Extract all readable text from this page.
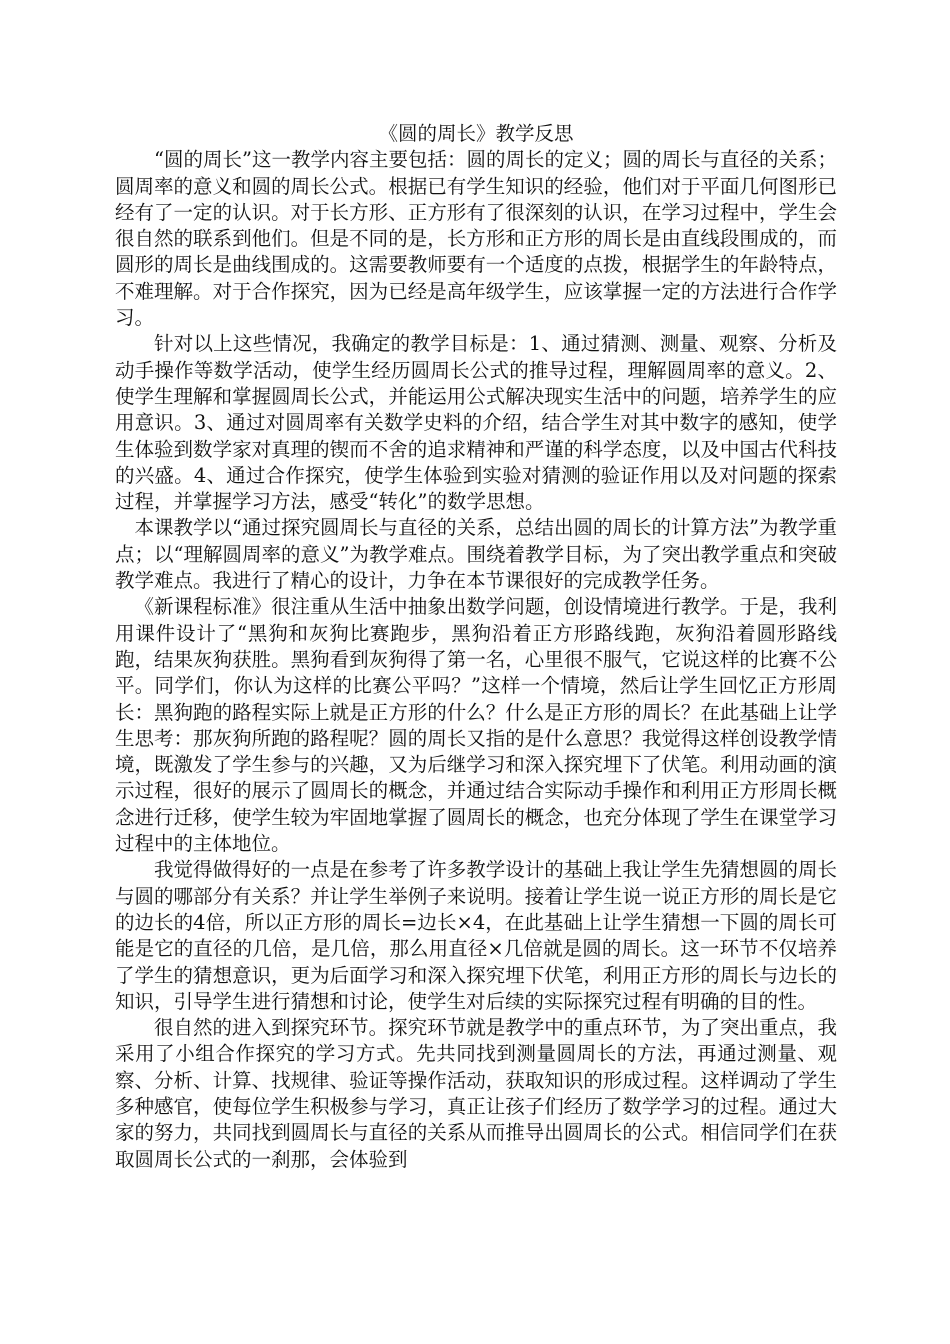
《圆的周长》教学反思

“圆的周长”这一教学内容主要包括：圆的周长的定义；圆的周长与直径的关系；圆周率的意义和圆的周长公式。根据已有学生知识的经验，他们对于平面几何图形已经有了一定的认识。对于长方形、正方形有了很深刻的认识，在学习过程中，学生会很自然的联系到他们。但是不同的是，长方形和正方形的周长是由直线段围成的，而圆形的周长是曲线围成的。这需要教师要有一个适度的点拨，根据学生的年龄特点，不难理解。对于合作探究，因为已经是高年级学生，应该掌握一定的方法进行合作学习。

针对以上这些情况，我确定的教学目标是：1、通过猜测、测量、观察、分析及动手操作等数学活动，使学生经历圆周长公式的推导过程，理解圆周率的意义。2、使学生理解和掌握圆周长公式，并能运用公式解决现实生活中的问题，培养学生的应用意识。3、通过对圆周率有关数学史料的介绍，结合学生对其中数字的感知，使学生体验到数学家对真理的锲而不舍的追求精神和严谨的科学态度，以及中国古代科技的兴盛。4、通过合作探究，使学生体验到实验对猜测的验证作用以及对问题的探索过程，并掌握学习方法，感受“转化”的数学思想。

本课教学以“通过探究圆周长与直径的关系，总结出圆的周长的计算方法”为教学重点；以“理解圆周率的意义”为教学难点。围绕着教学目标，为了突出教学重点和突破教学难点。我进行了精心的设计，力争在本节课很好的完成教学任务。

《新课程标准》很注重从生活中抽象出数学问题，创设情境进行教学。于是，我利用课件设计了“黑狗和灰狗比赛跑步，黑狗沿着正方形路线跑，灰狗沿着圆形路线跑，结果灰狗获胜。黑狗看到灰狗得了第一名，心里很不服气，它说这样的比赛不公平。同学们，你认为这样的比赛公平吗？”这样一个情境，然后让学生回忆正方形周长：黑狗跑的路程实际上就是正方形的什么？什么是正方形的周长？在此基础上让学生思考：那灰狗所跑的路程呢？圆的周长又指的是什么意思？我觉得这样创设教学情境，既激发了学生参与的兴趣，又为后继学习和深入探究埋下了伏笔。利用动画的演示过程，很好的展示了圆周长的概念，并通过结合实际动手操作和利用正方形周长概念进行迁移，使学生较为牢固地掌握了圆周长的概念，也充分体现了学生在课堂学习过程中的主体地位。

我觉得做得好的一点是在参考了许多教学设计的基础上我让学生先猜想圆的周长与圆的哪部分有关系？并让学生举例子来说明。接着让学生说一说正方形的周长是它的边长的4倍，所以正方形的周长=边长×4，在此基础上让学生猜想一下圆的周长可能是它的直径的几倍，是几倍，那么用直径×几倍就是圆的周长。这一环节不仅培养了学生的猜想意识，更为后面学习和深入探究埋下伏笔，利用正方形的周长与边长的知识，引导学生进行猜想和讨论，使学生对后续的实际探究过程有明确的目的性。

很自然的进入到探究环节。探究环节就是教学中的重点环节，为了突出重点，我采用了小组合作探究的学习方式。先共同找到测量圆周长的方法，再通过测量、观察、分析、计算、找规律、验证等操作活动，获取知识的形成过程。这样调动了学生多种感官，使每位学生积极参与学习，真正让孩子们经历了数学学习的过程。通过大家的努力，共同找到圆周长与直径的关系从而推导出圆周长的公式。相信同学们在获取圆周长公式的一刹那，会体验到
